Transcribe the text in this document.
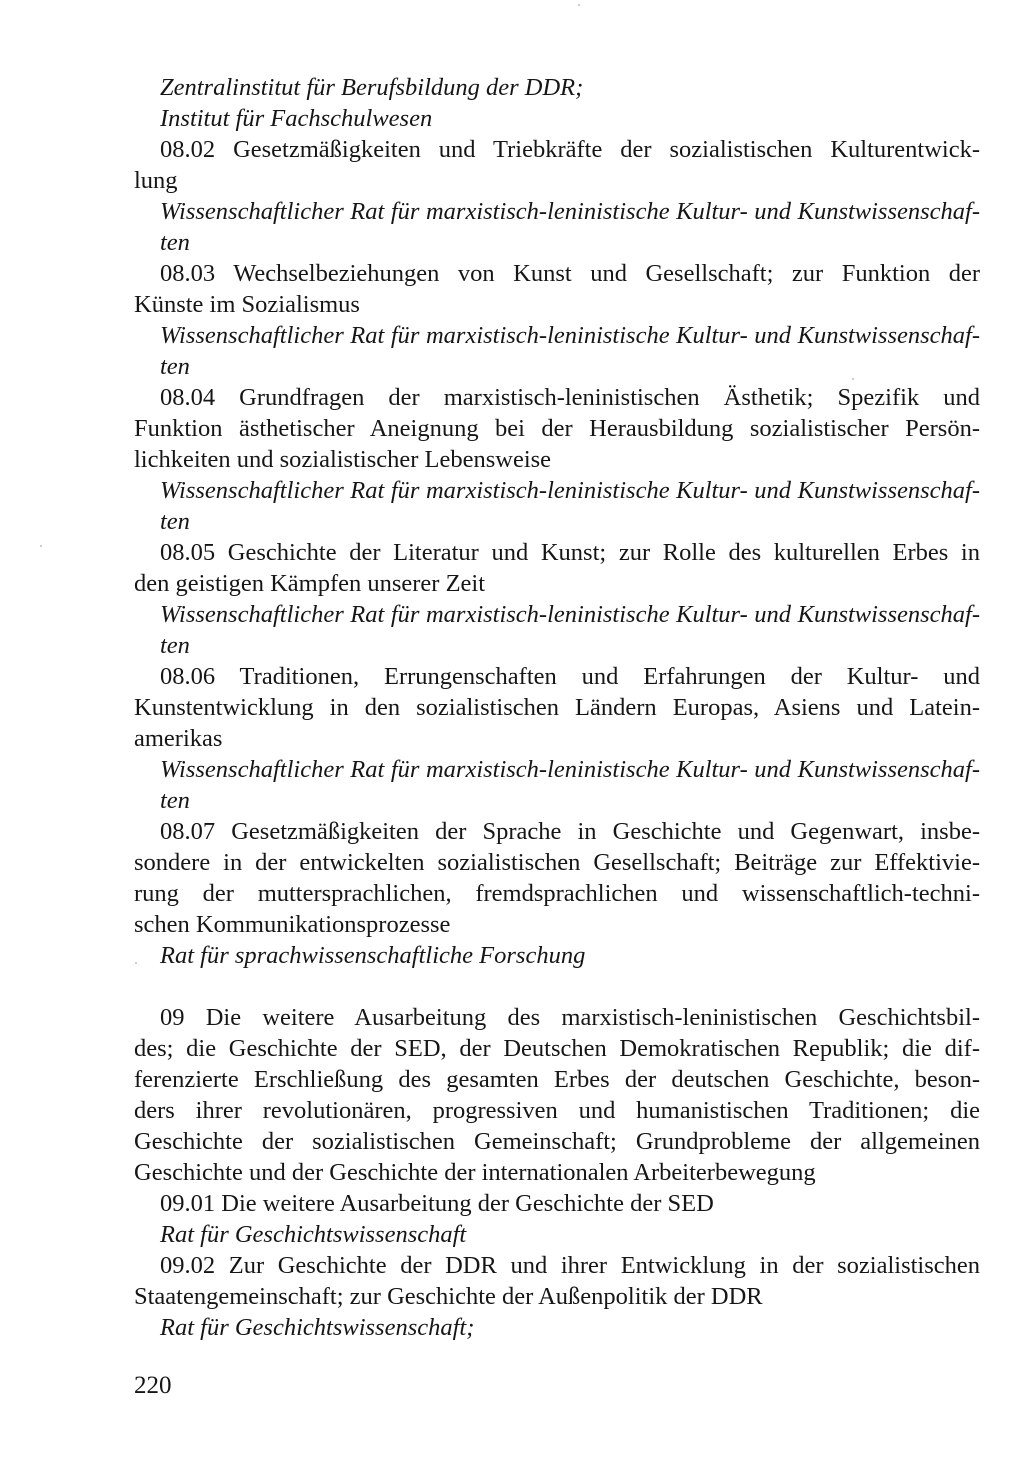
Zentralinstitut für Berufsbildung der DDR;
Institut für Fachschulwesen
08.02 Gesetzmäßigkeiten und Triebkräfte der sozialistischen Kulturentwick-
lung
Wissenschaftlicher Rat für marxistisch-leninistische Kultur- und Kunstwissenschaf-
ten
08.03 Wechselbeziehungen von Kunst und Gesellschaft; zur Funktion der
Künste im Sozialismus
Wissenschaftlicher Rat für marxistisch-leninistische Kultur- und Kunstwissenschaf-
ten
08.04 Grundfragen der marxistisch-leninistischen Ästhetik; Spezifik und
Funktion ästhetischer Aneignung bei der Herausbildung sozialistischer Persön-
lichkeiten und sozialistischer Lebensweise
Wissenschaftlicher Rat für marxistisch-leninistische Kultur- und Kunstwissenschaf-
ten
08.05 Geschichte der Literatur und Kunst; zur Rolle des kulturellen Erbes in
den geistigen Kämpfen unserer Zeit
Wissenschaftlicher Rat für marxistisch-leninistische Kultur- und Kunstwissenschaf-
ten
08.06 Traditionen, Errungenschaften und Erfahrungen der Kultur- und
Kunstentwicklung in den sozialistischen Ländern Europas, Asiens und Latein-
amerikas
Wissenschaftlicher Rat für marxistisch-leninistische Kultur- und Kunstwissenschaf-
ten
08.07 Gesetzmäßigkeiten der Sprache in Geschichte und Gegenwart, insbe-
sondere in der entwickelten sozialistischen Gesellschaft; Beiträge zur Effektivie-
rung der muttersprachlichen, fremdsprachlichen und wissenschaftlich-techni-
schen Kommunikationsprozesse
Rat für sprachwissenschaftliche Forschung
09 Die weitere Ausarbeitung des marxistisch-leninistischen Geschichtsbil-
des; die Geschichte der SED, der Deutschen Demokratischen Republik; die dif-
ferenzierte Erschließung des gesamten Erbes der deutschen Geschichte, beson-
ders ihrer revolutionären, progressiven und humanistischen Traditionen; die
Geschichte der sozialistischen Gemeinschaft; Grundprobleme der allgemeinen
Geschichte und der Geschichte der internationalen Arbeiterbewegung
09.01 Die weitere Ausarbeitung der Geschichte der SED
Rat für Geschichtswissenschaft
09.02 Zur Geschichte der DDR und ihrer Entwicklung in der sozialistischen
Staatengemeinschaft; zur Geschichte der Außenpolitik der DDR
Rat für Geschichtswissenschaft;
220
